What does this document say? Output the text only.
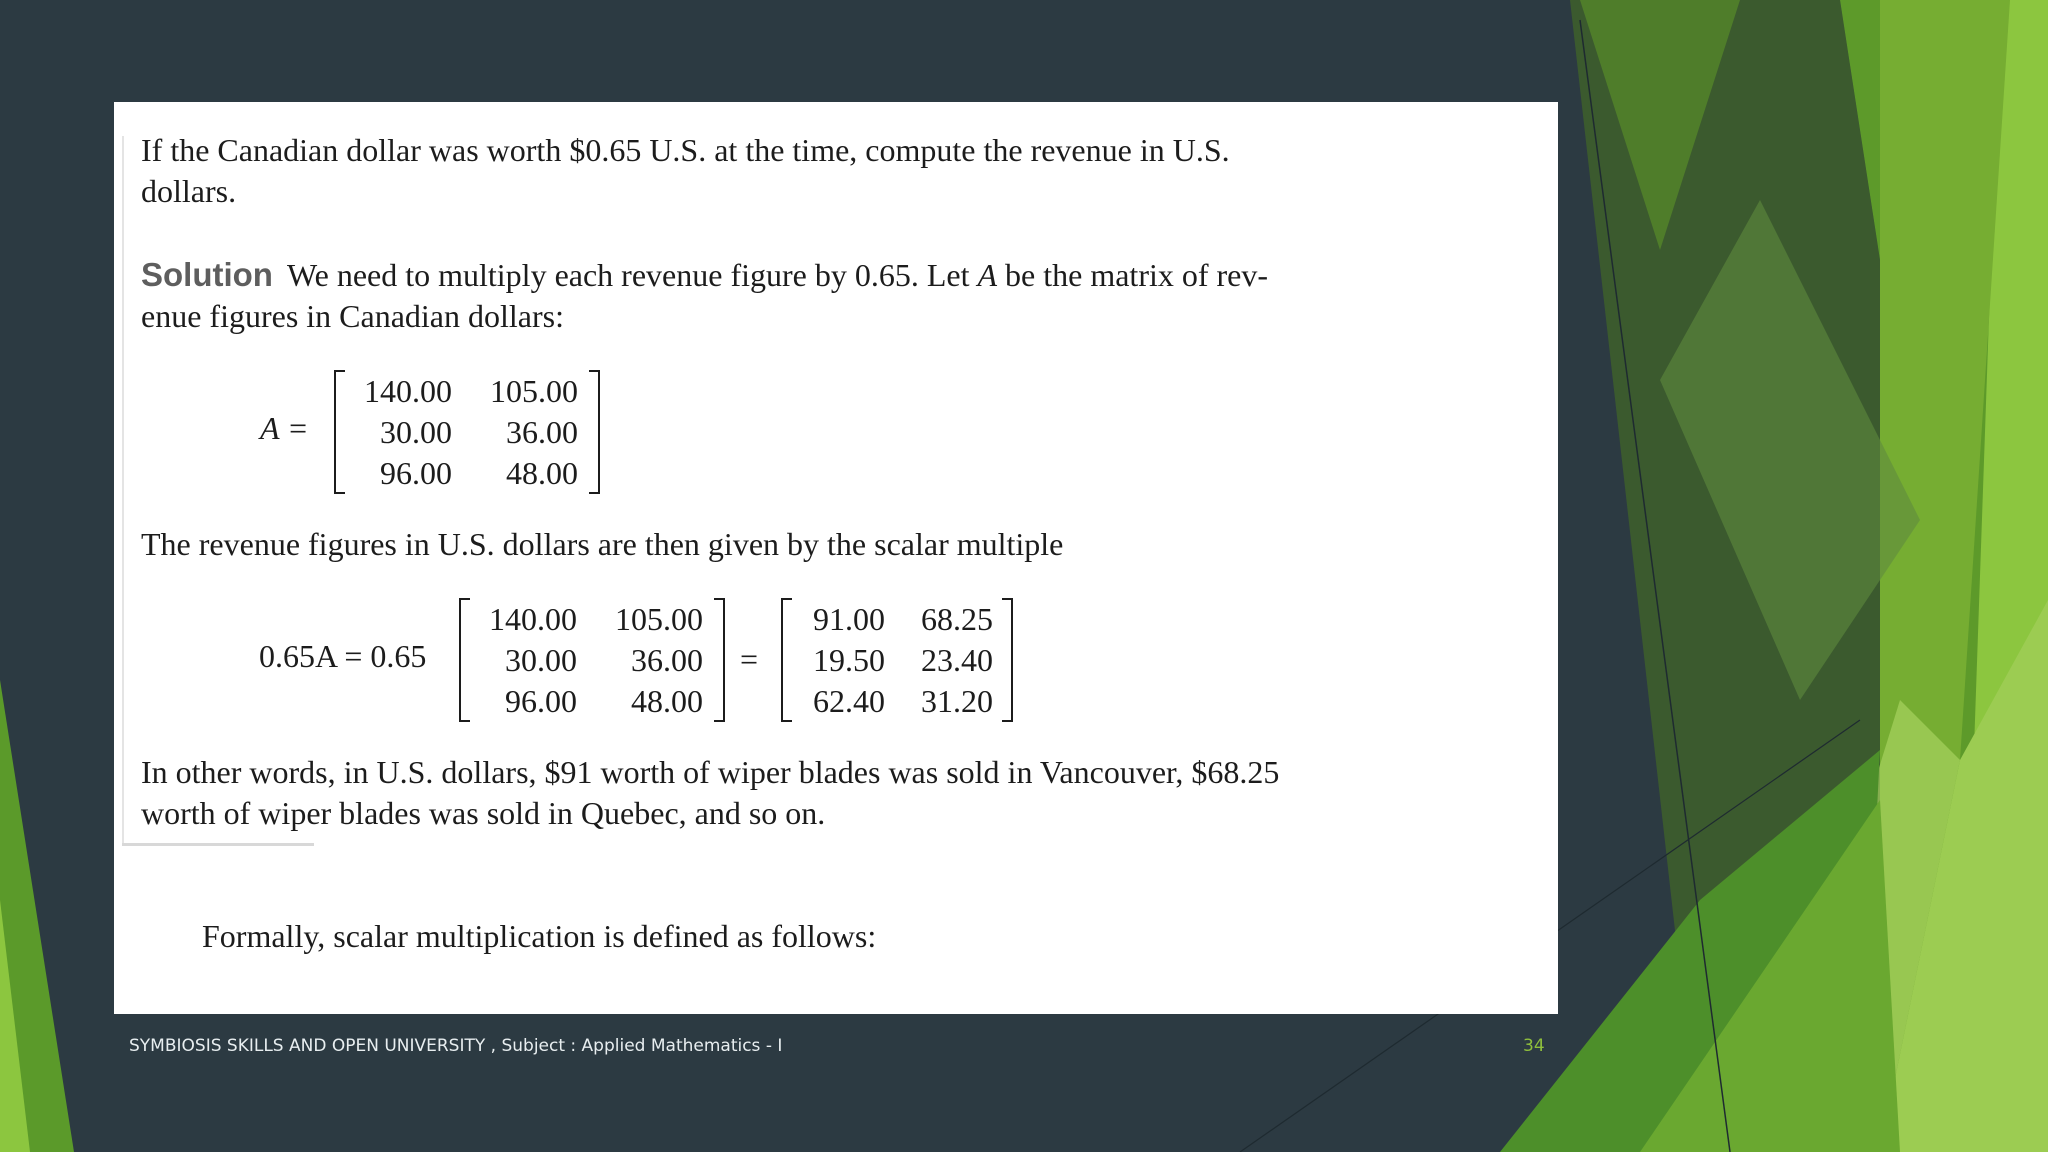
If the Canadian dollar was worth $0.65 U.S. at the time, compute the revenue in U.S. dollars.

Solution We need to multiply each revenue figure by 0.65. Let A be the matrix of rev- enue figures in Canadian dollars:

A =
140.00	105.00
30.00	36.00
96.00	48.00

The revenue figures in U.S. dollars are then given by the scalar multiple

0.65A = 0.65
140.00	105.00
30.00	36.00
96.00	48.00
=
91.00	68.25
19.50	23.40
62.40	31.20

In other words, in U.S. dollars, $91 worth of wiper blades was sold in Vancouver, $68.25 worth of wiper blades was sold in Quebec, and so on.

Formally, scalar multiplication is defined as follows:

SYMBIOSIS SKILLS AND OPEN UNIVERSITY , Subject : Applied Mathematics - I	34
